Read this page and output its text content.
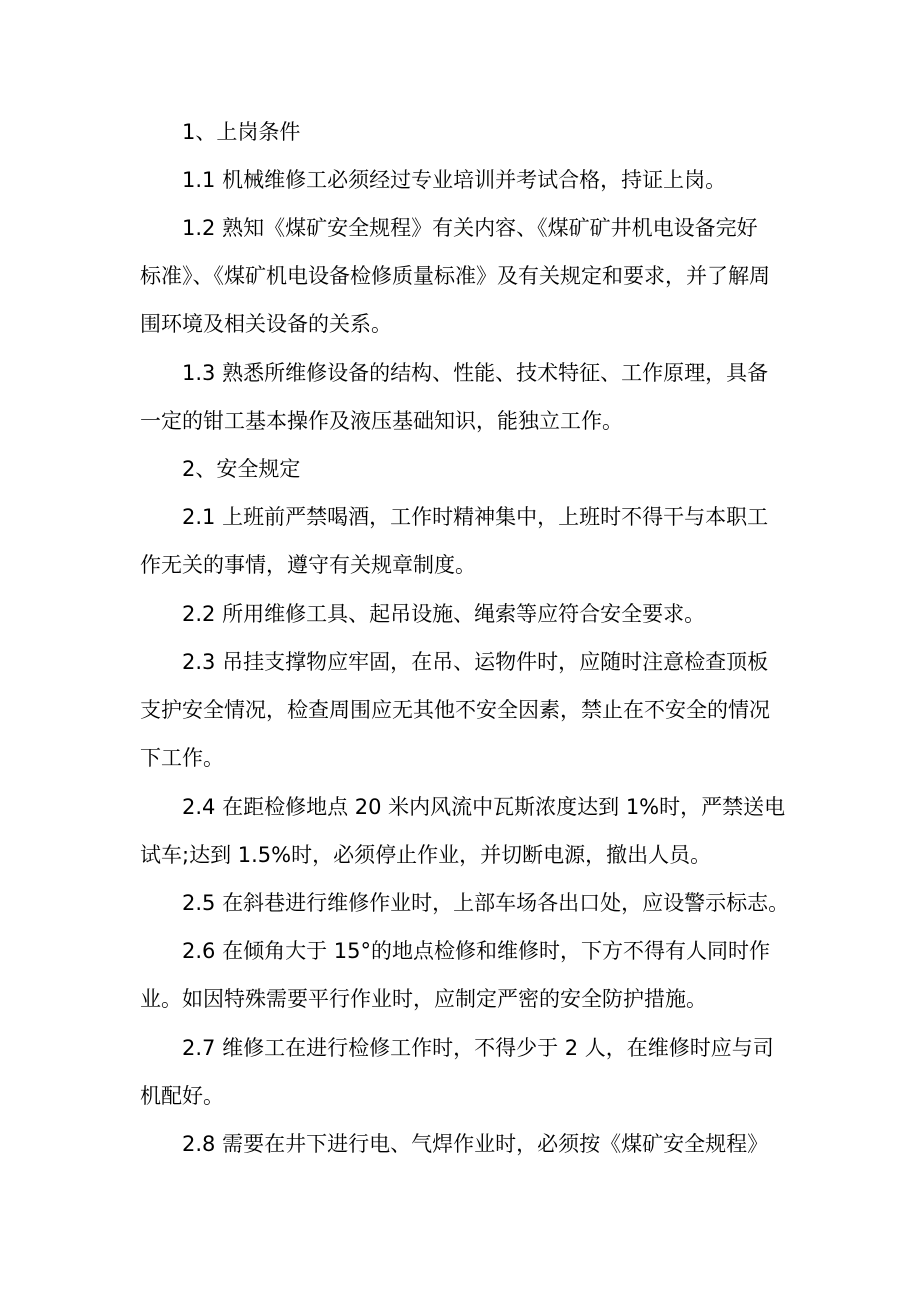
1、上岗条件
1.1 机械维修工必须经过专业培训并考试合格，持证上岗。
1.2 熟知《煤矿安全规程》有关内容、《煤矿矿井机电设备完好
标准》、《煤矿机电设备检修质量标准》及有关规定和要求，并了解周
围环境及相关设备的关系。
1.3 熟悉所维修设备的结构、性能、技术特征、工作原理，具备
一定的钳工基本操作及液压基础知识，能独立工作。
2、安全规定
2.1 上班前严禁喝酒，工作时精神集中，上班时不得干与本职工
作无关的事情，遵守有关规章制度。
2.2 所用维修工具、起吊设施、绳索等应符合安全要求。
2.3 吊挂支撑物应牢固，在吊、运物件时，应随时注意检查顶板
支护安全情况，检查周围应无其他不安全因素，禁止在不安全的情况
下工作。
2.4 在距检修地点 20 米内风流中瓦斯浓度达到 1%时，严禁送电
试车;达到 1.5%时，必须停止作业，并切断电源，撤出人员。
2.5 在斜巷进行维修作业时，上部车场各出口处，应设警示标志。
2.6 在倾角大于 15°的地点检修和维修时，下方不得有人同时作
业。如因特殊需要平行作业时，应制定严密的安全防护措施。
2.7 维修工在进行检修工作时，不得少于 2 人，在维修时应与司
机配好。
2.8 需要在井下进行电、气焊作业时，必须按《煤矿安全规程》
